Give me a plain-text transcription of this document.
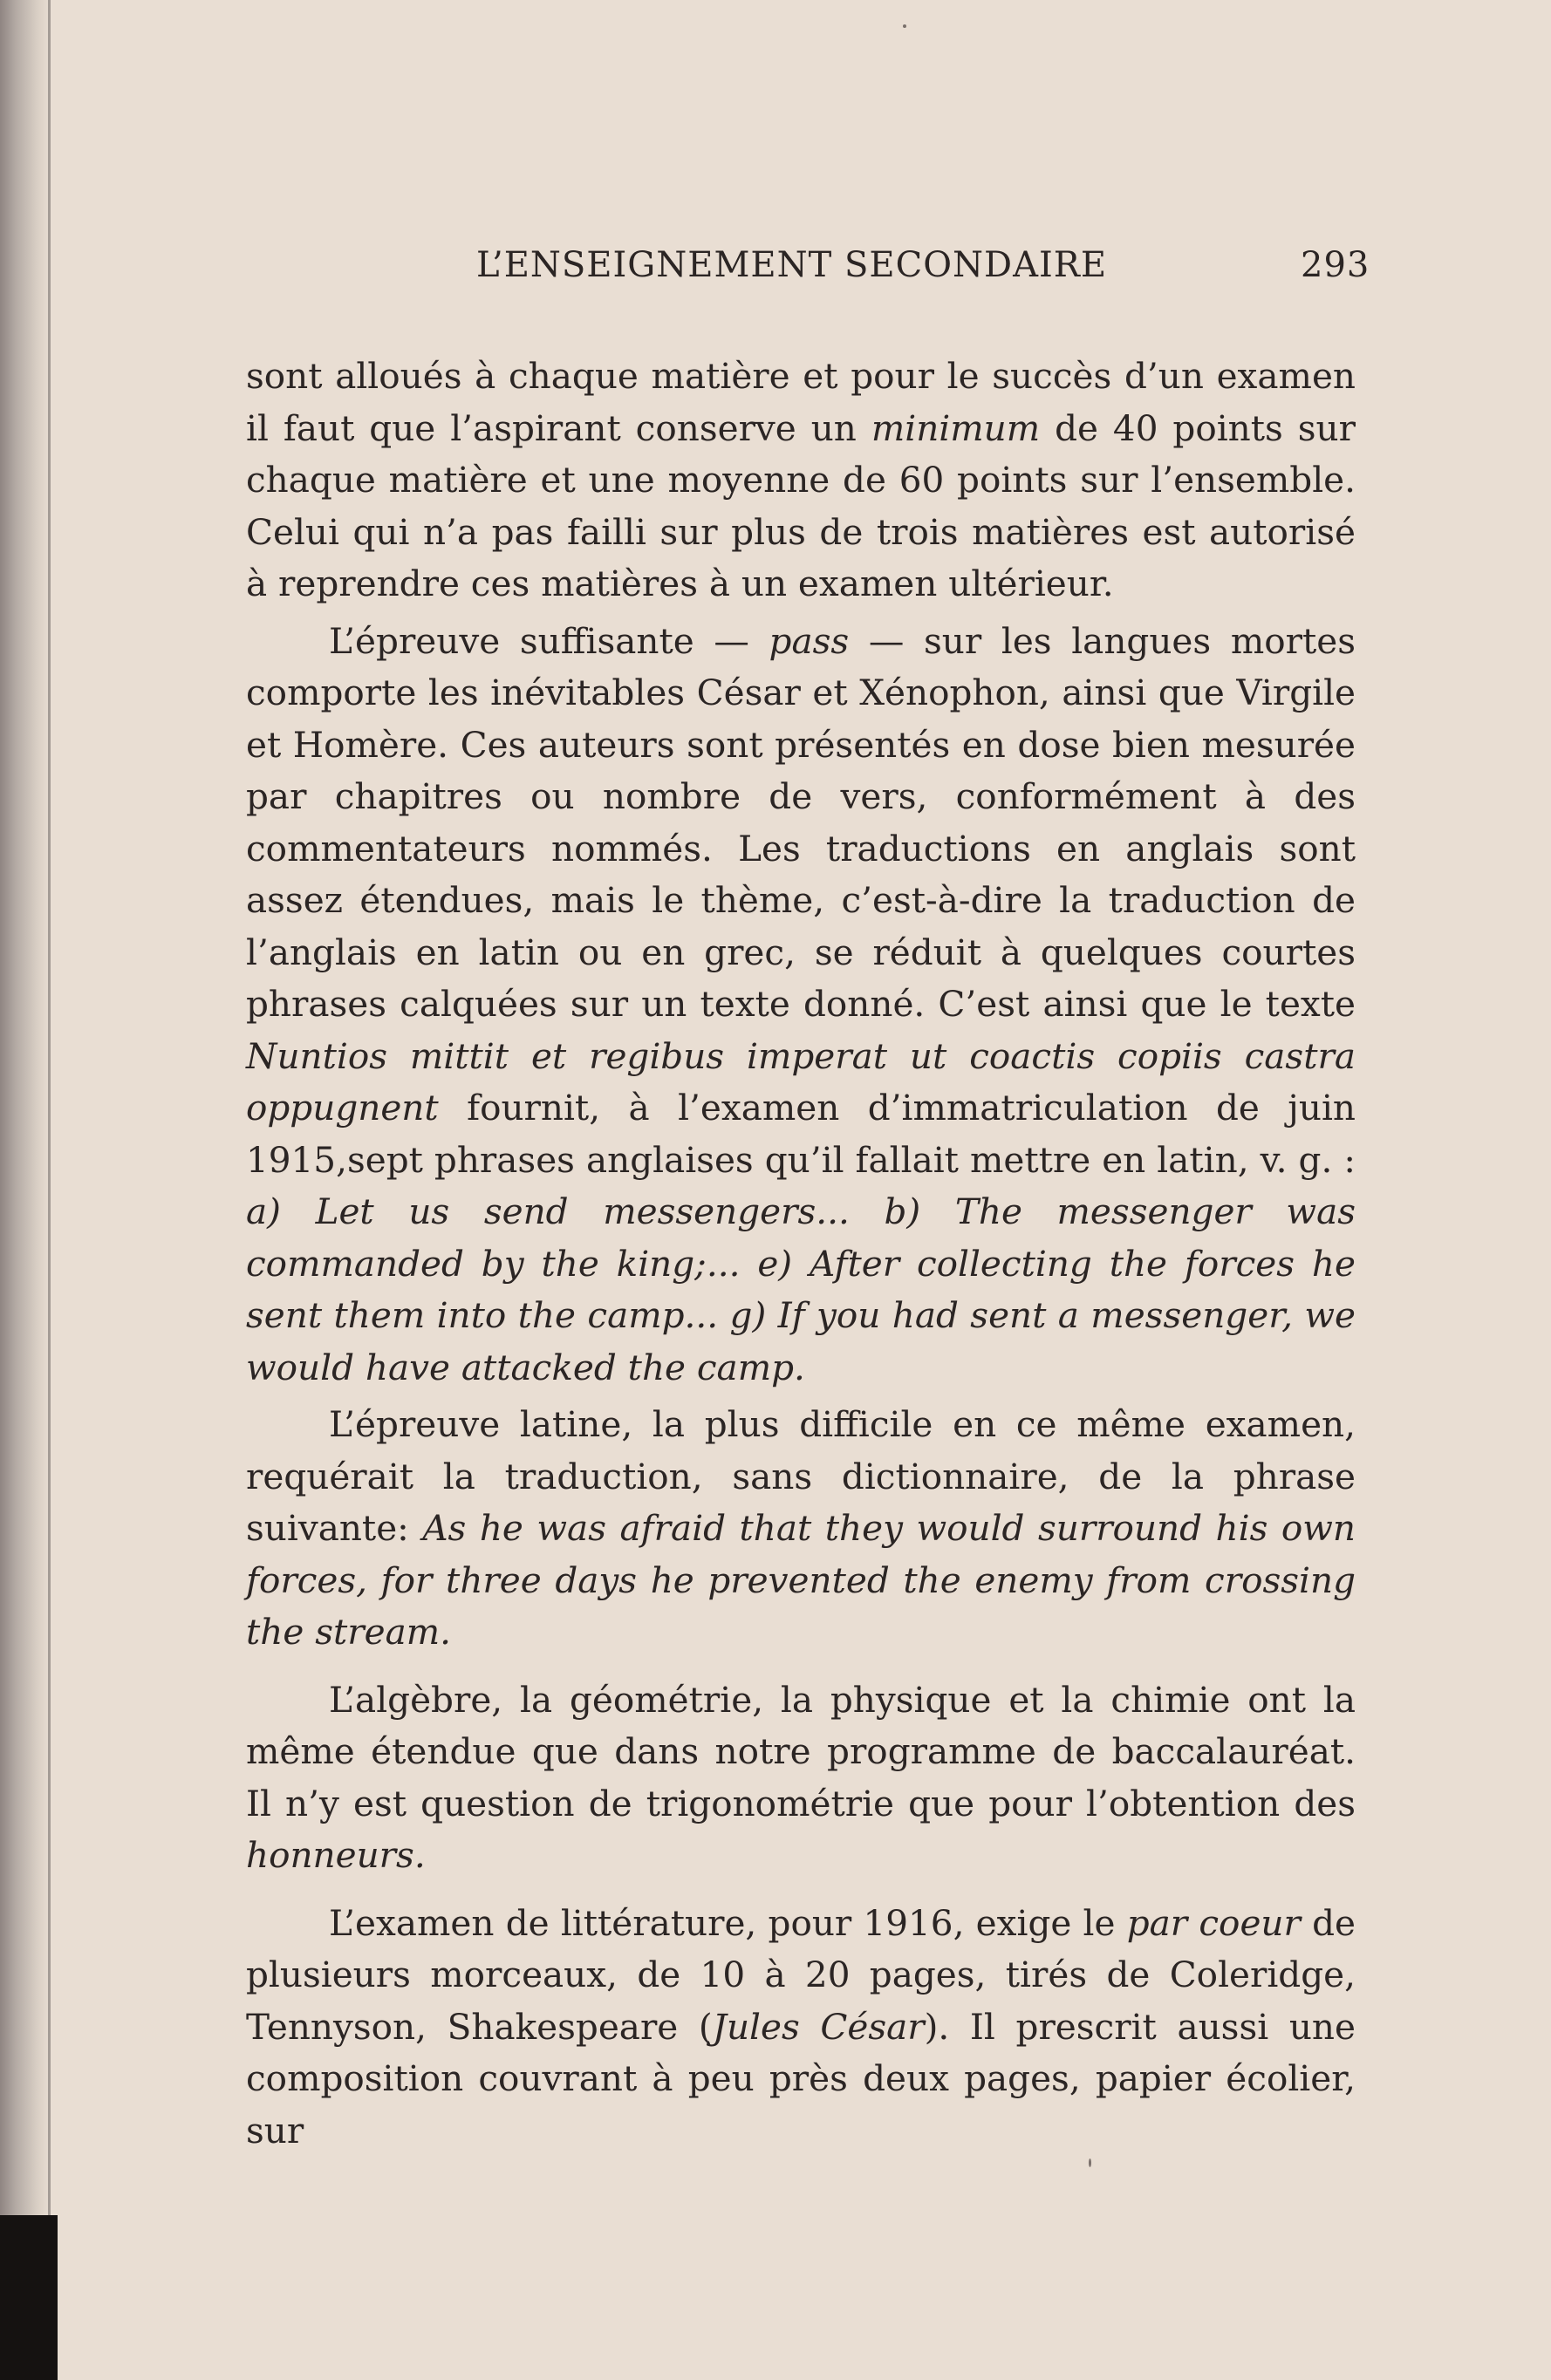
L’ENSEIGNEMENT SECONDAIRE	293

sont alloués à chaque matière et pour le succès d’un examen il faut que l’aspirant conserve un minimum de 40 points sur chaque matière et une moyenne de 60 points sur l’ensemble. Celui qui n’a pas failli sur plus de trois matières est autorisé à reprendre ces matières à un examen ultérieur.

L’épreuve suffisante — pass — sur les langues mortes comporte les inévitables César et Xénophon, ainsi que Virgile et Homère. Ces auteurs sont présentés en dose bien mesurée par chapitres ou nombre de vers, conformément à des commentateurs nommés. Les traductions en anglais sont assez étendues, mais le thème, c’est-à-dire la traduction de l’anglais en latin ou en grec, se réduit à quelques courtes phrases calquées sur un texte donné. C’est ainsi que le texte Nuntios mittit et regibus imperat ut coactis copiis castra oppugnent fournit, à l’examen d’immatriculation de juin 1915,sept phrases anglaises qu’il fallait mettre en latin, v. g. : a) Let us send messengers... b) The messenger was commanded by the king;... e) After collecting the forces he sent them into the camp... g) If you had sent a messenger, we would have attacked the camp.

L’épreuve latine, la plus difficile en ce même examen, requérait la traduction, sans dictionnaire, de la phrase suivante: As he was afraid that they would surround his own forces, for three days he prevented the enemy from crossing the stream.

L’algèbre, la géométrie, la physique et la chimie ont la même étendue que dans notre programme de baccalauréat. Il n’y est question de trigonométrie que pour l’obtention des honneurs.

L’examen de littérature, pour 1916, exige le par coeur de plusieurs morceaux, de 10 à 20 pages, tirés de Coleridge, Tennyson, Shakespeare (Jules César). Il prescrit aussi une composition couvrant à peu près deux pages, papier écolier, sur
